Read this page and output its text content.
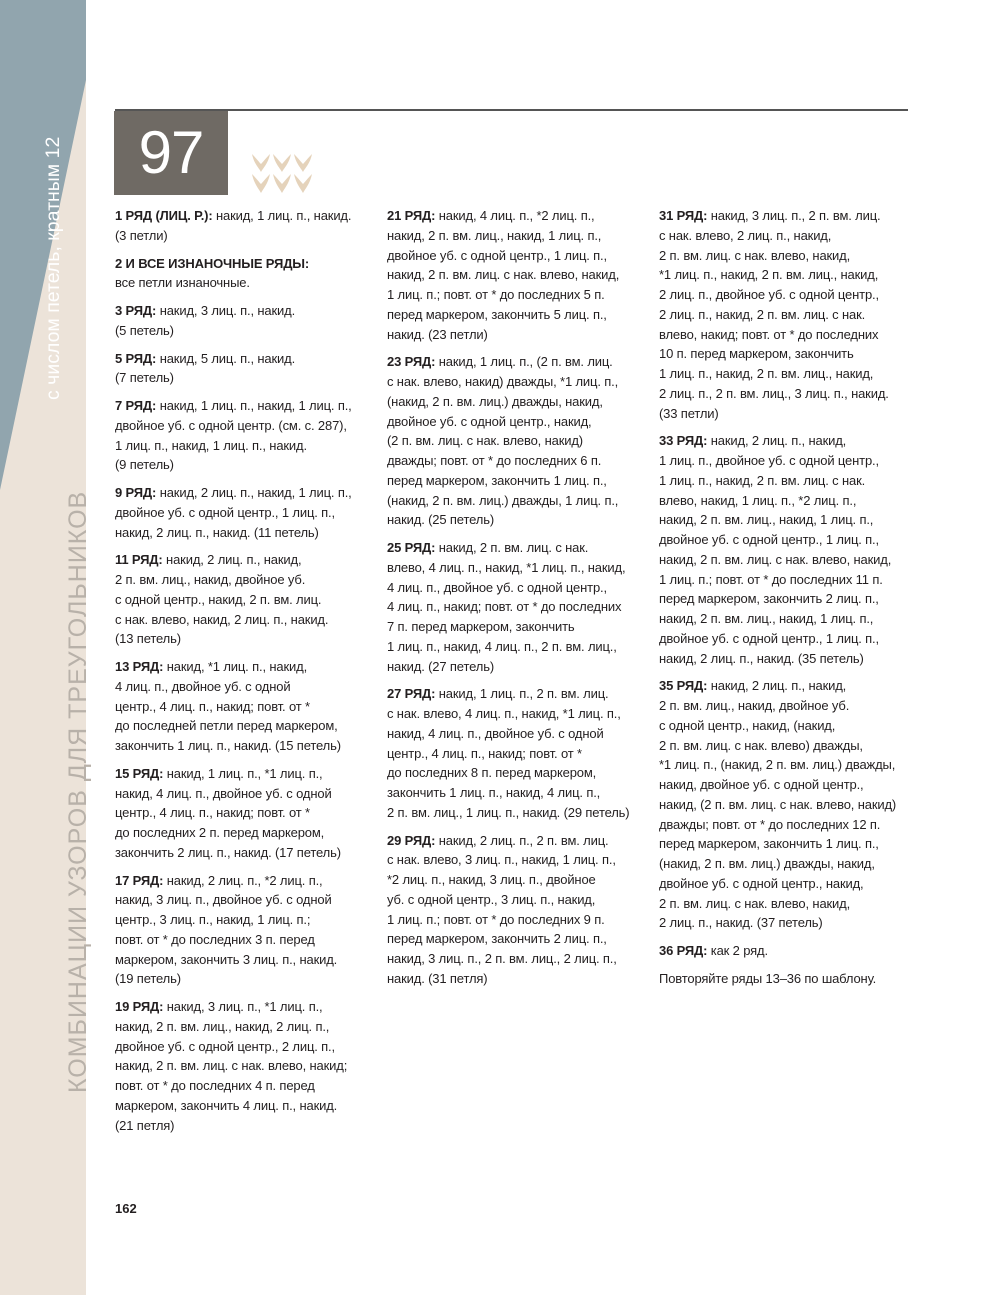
с числом петель, кратным 12
КОМБИНАЦИИ УЗОРОВ ДЛЯ ТРЕУГОЛЬНИКОВ
97
1 РЯД (ЛИЦ. Р.): накид, 1 лиц. п., накид.
(3 петли)
2 И ВСЕ ИЗНАНОЧНЫЕ РЯДЫ:
все петли изнаночные.
3 РЯД: накид, 3 лиц. п., накид.
(5 петель)
5 РЯД: накид, 5 лиц. п., накид.
(7 петель)
7 РЯД: накид, 1 лиц. п., накид, 1 лиц. п.,
двойное уб. с одной центр. (см. с. 287),
1 лиц. п., накид, 1 лиц. п., накид.
(9 петель)
9 РЯД: накид, 2 лиц. п., накид, 1 лиц. п.,
двойное уб. с одной центр., 1 лиц. п.,
накид, 2 лиц. п., накид. (11 петель)
11 РЯД: накид, 2 лиц. п., накид,
2 п. вм. лиц., накид, двойное уб.
с одной центр., накид, 2 п. вм. лиц.
с нак. влево, накид, 2 лиц. п., накид.
(13 петель)
13 РЯД: накид, *1 лиц. п., накид,
4 лиц. п., двойное уб. с одной
центр., 4 лиц. п., накид; повт. от *
до последней петли перед маркером,
закончить 1 лиц. п., накид. (15 петель)
15 РЯД: накид, 1 лиц. п., *1 лиц. п.,
накид, 4 лиц. п., двойное уб. с одной
центр., 4 лиц. п., накид; повт. от *
до последних 2 п. перед маркером,
закончить 2 лиц. п., накид. (17 петель)
17 РЯД: накид, 2 лиц. п., *2 лиц. п.,
накид, 3 лиц. п., двойное уб. с одной
центр., 3 лиц. п., накид, 1 лиц. п.;
повт. от * до последних 3 п. перед
маркером, закончить 3 лиц. п., накид.
(19 петель)
19 РЯД: накид, 3 лиц. п., *1 лиц. п.,
накид, 2 п. вм. лиц., накид, 2 лиц. п.,
двойное уб. с одной центр., 2 лиц. п.,
накид, 2 п. вм. лиц. с нак. влево, накид;
повт. от * до последних 4 п. перед
маркером, закончить 4 лиц. п., накид.
(21 петля)
21 РЯД: накид, 4 лиц. п., *2 лиц. п.,
накид, 2 п. вм. лиц., накид, 1 лиц. п.,
двойное уб. с одной центр., 1 лиц. п.,
накид, 2 п. вм. лиц. с нак. влево, накид,
1 лиц. п.; повт. от * до последних 5 п.
перед маркером, закончить 5 лиц. п.,
накид. (23 петли)
23 РЯД: накид, 1 лиц. п., (2 п. вм. лиц.
с нак. влево, накид) дважды, *1 лиц. п.,
(накид, 2 п. вм. лиц.) дважды, накид,
двойное уб. с одной центр., накид,
(2 п. вм. лиц. с нак. влево, накид)
дважды; повт. от * до последних 6 п.
перед маркером, закончить 1 лиц. п.,
(накид, 2 п. вм. лиц.) дважды, 1 лиц. п.,
накид. (25 петель)
25 РЯД: накид, 2 п. вм. лиц. с нак.
влево, 4 лиц. п., накид, *1 лиц. п., накид,
4 лиц. п., двойное уб. с одной центр.,
4 лиц. п., накид; повт. от * до последних
7 п. перед маркером, закончить
1 лиц. п., накид, 4 лиц. п., 2 п. вм. лиц.,
накид. (27 петель)
27 РЯД: накид, 1 лиц. п., 2 п. вм. лиц.
с нак. влево, 4 лиц. п., накид, *1 лиц. п.,
накид, 4 лиц. п., двойное уб. с одной
центр., 4 лиц. п., накид; повт. от *
до последних 8 п. перед маркером,
закончить 1 лиц. п., накид, 4 лиц. п.,
2 п. вм. лиц., 1 лиц. п., накид. (29 петель)
29 РЯД: накид, 2 лиц. п., 2 п. вм. лиц.
с нак. влево, 3 лиц. п., накид, 1 лиц. п.,
*2 лиц. п., накид, 3 лиц. п., двойное
уб. с одной центр., 3 лиц. п., накид,
1 лиц. п.; повт. от * до последних 9 п.
перед маркером, закончить 2 лиц. п.,
накид, 3 лиц. п., 2 п. вм. лиц., 2 лиц. п.,
накид. (31 петля)
31 РЯД: накид, 3 лиц. п., 2 п. вм. лиц.
с нак. влево, 2 лиц. п., накид,
2 п. вм. лиц. с нак. влево, накид,
*1 лиц. п., накид, 2 п. вм. лиц., накид,
2 лиц. п., двойное уб. с одной центр.,
2 лиц. п., накид, 2 п. вм. лиц. с нак.
влево, накид; повт. от * до последних
10 п. перед маркером, закончить
1 лиц. п., накид, 2 п. вм. лиц., накид,
2 лиц. п., 2 п. вм. лиц., 3 лиц. п., накид.
(33 петли)
33 РЯД: накид, 2 лиц. п., накид,
1 лиц. п., двойное уб. с одной центр.,
1 лиц. п., накид, 2 п. вм. лиц. с нак.
влево, накид, 1 лиц. п., *2 лиц. п.,
накид, 2 п. вм. лиц., накид, 1 лиц. п.,
двойное уб. с одной центр., 1 лиц. п.,
накид, 2 п. вм. лиц. с нак. влево, накид,
1 лиц. п.; повт. от * до последних 11 п.
перед маркером, закончить 2 лиц. п.,
накид, 2 п. вм. лиц., накид, 1 лиц. п.,
двойное уб. с одной центр., 1 лиц. п.,
накид, 2 лиц. п., накид. (35 петель)
35 РЯД: накид, 2 лиц. п., накид,
2 п. вм. лиц., накид, двойное уб.
с одной центр., накид, (накид,
2 п. вм. лиц. с нак. влево) дважды,
*1 лиц. п., (накид, 2 п. вм. лиц.) дважды,
накид, двойное уб. с одной центр.,
накид, (2 п. вм. лиц. с нак. влево, накид)
дважды; повт. от * до последних 12 п.
перед маркером, закончить 1 лиц. п.,
(накид, 2 п. вм. лиц.) дважды, накид,
двойное уб. с одной центр., накид,
2 п. вм. лиц. с нак. влево, накид,
2 лиц. п., накид. (37 петель)
36 РЯД: как 2 ряд.
Повторяйте ряды 13–36 по шаблону.
162
